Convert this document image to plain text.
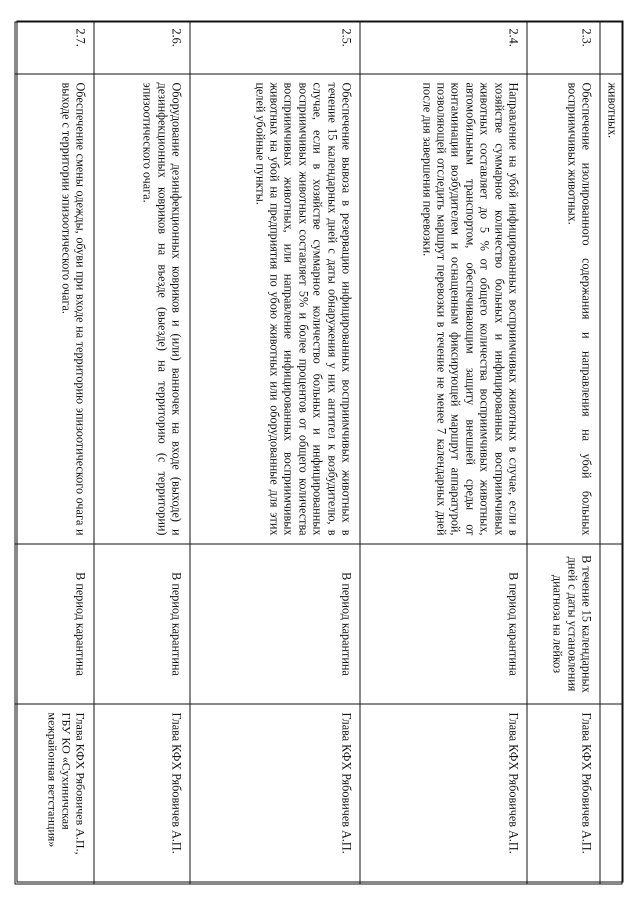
	животных.		
2.3.	Обеспечение изолированного содержания и направления на убой больных восприимчивых животных.	В течение 15 календарных дней с даты установления диагноза на лейкоз	Глава КФХ Рябовичев А.П.
2.4.	Направление на убой инфицированных восприимчивых животных в случае, если в хозяйстве суммарное количество больных и инфицированных восприимчивых животных составляет до 5 % от общего количества восприимчивых животных, автомобильным транспортом, обеспечивающим защиту внешней среды от контаминации возбудителем и оснащенным фиксирующей маршрут аппаратурой, позволяющей отследить маршрут перевозки в течение не менее 7 календарных дней после дня завершения перевозки.	В период карантина	Глава КФХ Рябовичев А.П.
2.5.	Обеспечение вывоза в резервацию инфицированных восприимчивых животных в течение 15 календарных дней с даты обнаружения у них антител к возбудителю, в случае, если в хозяйстве суммарное количество больных и инфицированных восприимчивых животных составляет 5% и более процентов от общего количества восприимчивых животных, или направление инфицированных восприимчивых животных на убой на предприятия по убою животных или оборудованные для этих целей убойные пункты.	В период карантина	Глава КФХ Рябовичев А.П.
2.6.	Оборудование дезинфекционных ковриков и (или) ванночек на входе (выходе) и дезинфекционных ковриков на въезде (выезде) на территорию (с территории) эпизоотического очага.	В период карантина	Глава КФХ Рябовичев А.П.
2.7.	Обеспечение смены одежды, обуви при входе на территорию эпизоотического очага и выходе с территории эпизоотического очага.	В период карантина	Глава КФХ Рябовичев А.П., ГБУ КО «Сухиничская межрайонная ветстанция»
